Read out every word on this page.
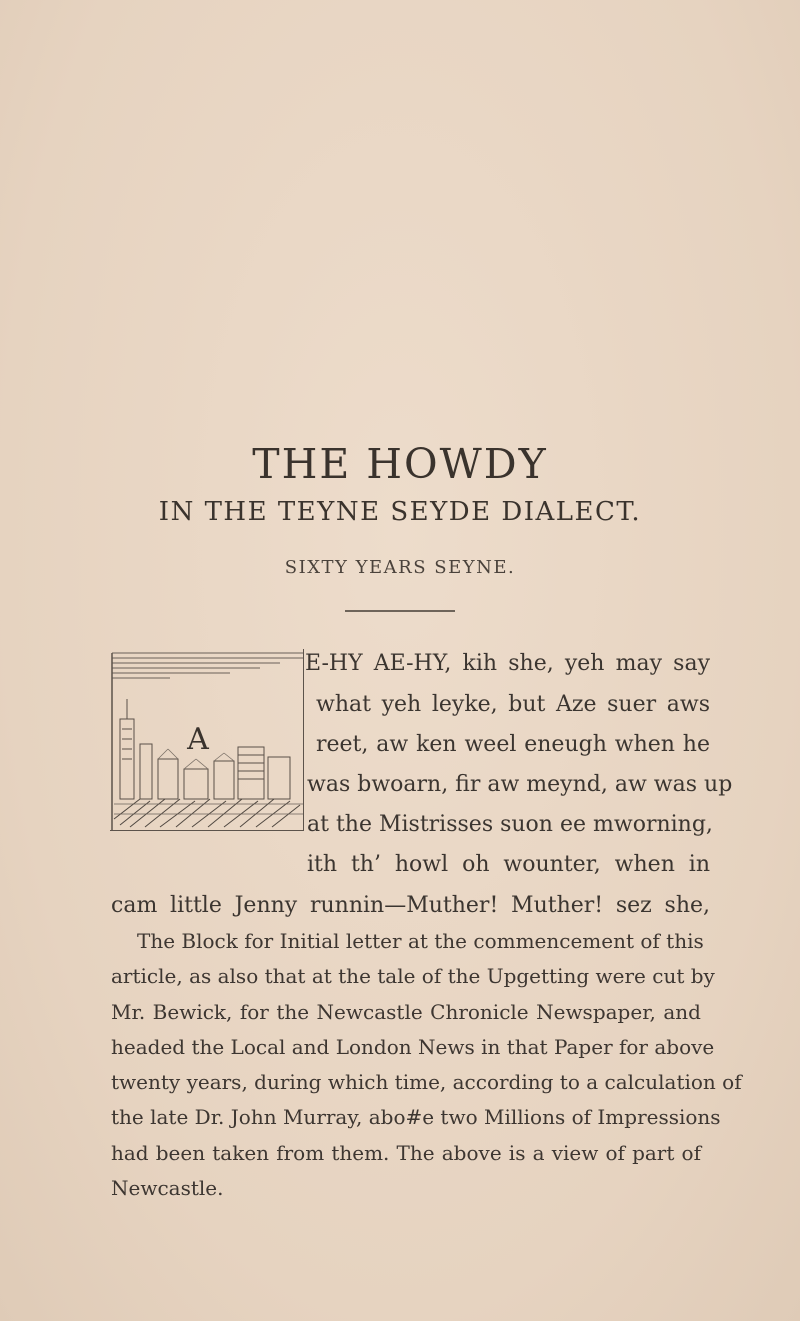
THE HOWDY
IN THE TEYNE SEYDE DIALECT.
SIXTY YEARS SEYNE.
A
E-HY AE-HY, kih she, yeh may say
what yeh leyke, but Aze suer aws
reet, aw ken weel eneugh when he
was bwoarn, fir aw meynd, aw was up
at the Mistrisses suon ee mworning,
ith th’ howl oh wounter, when in
cam little Jenny runnin—Muther! Muther! sez she,
The Block for Initial letter at the commencement of this
article, as also that at the tale of the Upgetting were cut by
Mr. Bewick, for the Newcastle Chronicle Newspaper, and
headed the Local and London News in that Paper for above
twenty years, during which time, according to a calculation of
the late Dr. John Murray, abo#e two Millions of Impressions
had been taken from them. The above is a view of part of
Newcastle.
